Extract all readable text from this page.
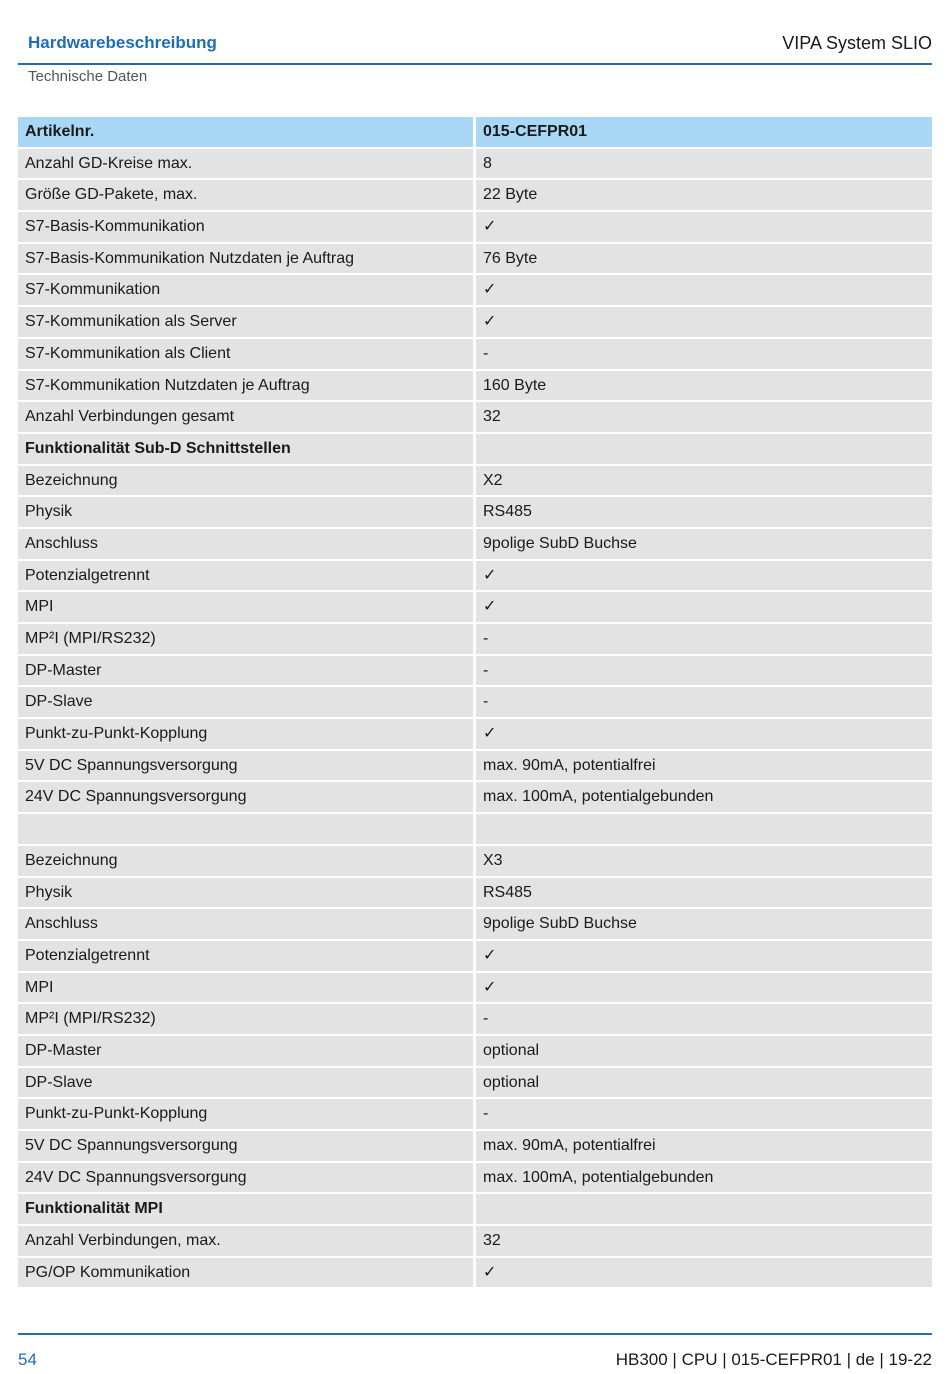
Hardwarebeschreibung	VIPA System SLIO
Technische Daten
Artikelnr.	015-CEFPR01
Anzahl GD-Kreise max.	8
Größe GD-Pakete, max.	22 Byte
S7-Basis-Kommunikation	✓
S7-Basis-Kommunikation Nutzdaten je Auftrag	76 Byte
S7-Kommunikation	✓
S7-Kommunikation als Server	✓
S7-Kommunikation als Client	-
S7-Kommunikation Nutzdaten je Auftrag	160 Byte
Anzahl Verbindungen gesamt	32
Funktionalität Sub-D Schnittstellen
Bezeichnung	X2
Physik	RS485
Anschluss	9polige SubD Buchse
Potenzialgetrennt	✓
MPI	✓
MP²I (MPI/RS232)	-
DP-Master	-
DP-Slave	-
Punkt-zu-Punkt-Kopplung	✓
5V DC Spannungsversorgung	max. 90mA, potentialfrei
24V DC Spannungsversorgung	max. 100mA, potentialgebunden
Bezeichnung	X3
Physik	RS485
Anschluss	9polige SubD Buchse
Potenzialgetrennt	✓
MPI	✓
MP²I (MPI/RS232)	-
DP-Master	optional
DP-Slave	optional
Punkt-zu-Punkt-Kopplung	-
5V DC Spannungsversorgung	max. 90mA, potentialfrei
24V DC Spannungsversorgung	max. 100mA, potentialgebunden
Funktionalität MPI
Anzahl Verbindungen, max.	32
PG/OP Kommunikation	✓
54	HB300 | CPU | 015-CEFPR01 | de | 19-22
